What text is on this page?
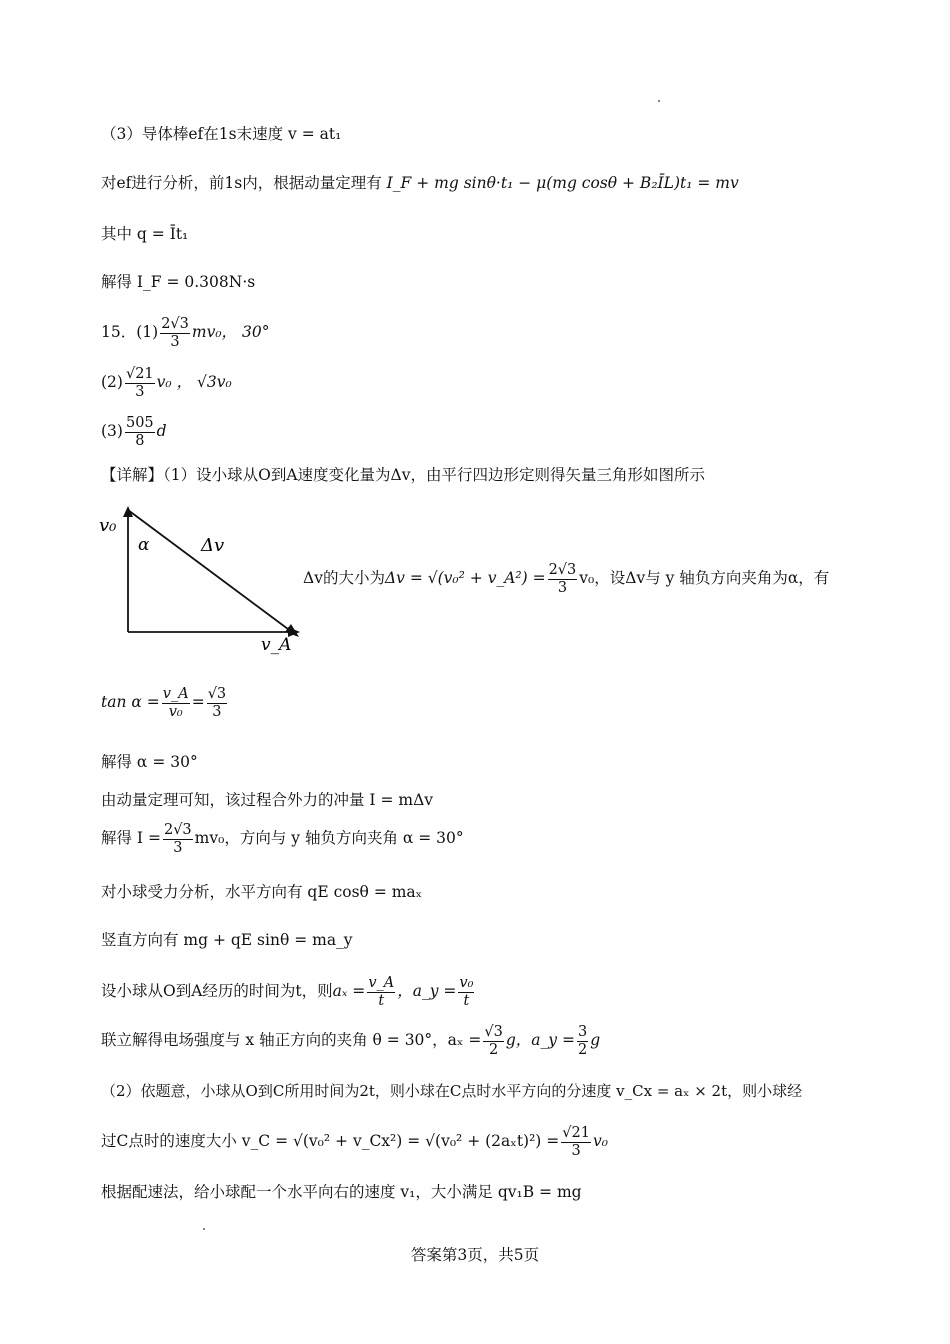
（3）导体棒ef在1s末速度 v = at₁
对ef进行分析，前1s内，根据动量定理有 I_F + mg sinθ·t₁ − μ(mg cosθ + B₂ĪL)t₁ = mv
其中 q = Īt₁
解得 I_F = 0.308N·s
15．$(1) \frac{2√3}{3} mv_0$， 30°
$(2) \frac{√21}{3} v_0$ ， √3v₀
$(3) \frac{505}{8}$ d
【详解】（1）设小球从O到A速度变化量为Δv，由平行四边形定则得矢量三角形如图所示
v₀
α	Δv
v_A
Δv的大小为Δv = √(v₀² + v_A²) = $\frac{2√3}{3} v_0$，设Δv与 y 轴负方向夹角为α，有
$\tan \alpha = \frac{v\_A}{\text{v₀}} = \frac{√3}{3}$
解得 α = 30°
由动量定理可知，该过程合外力的冲量 I = mΔv
解得 $I = \frac{2√3}{3} mv_0$，方向与 y 轴负方向夹角 α = 30°
对小球受力分析，水平方向有 qE cosθ = maₓ
竖直方向有 mg + qE sinθ = ma_y
设小球从O到A经历的时间为t，则$a_x = \frac{v\_A}{t}$ ，a_y = $\frac{\text{v₀}}{t}$
联立解得电场强度与 x 轴正方向的夹角 θ = 30°，$a_x = \frac{√3}{2}$ g，a_y = $\frac{3}{2}$ g
（2）依题意，小球从O到C所用时间为2t，则小球在C点时水平方向的分速度 v_Cx = aₓ × 2t，则小球经
过C点时的速度大小 v_C = √(v₀² + v_Cx²) = $√(v_0^2 + (2a_xt)^2) = \frac{√21}{3} v_0$
根据配速法，给小球配一个水平向右的速度 v₁，大小满足 qv₁B = mg
答案第3页，共5页
